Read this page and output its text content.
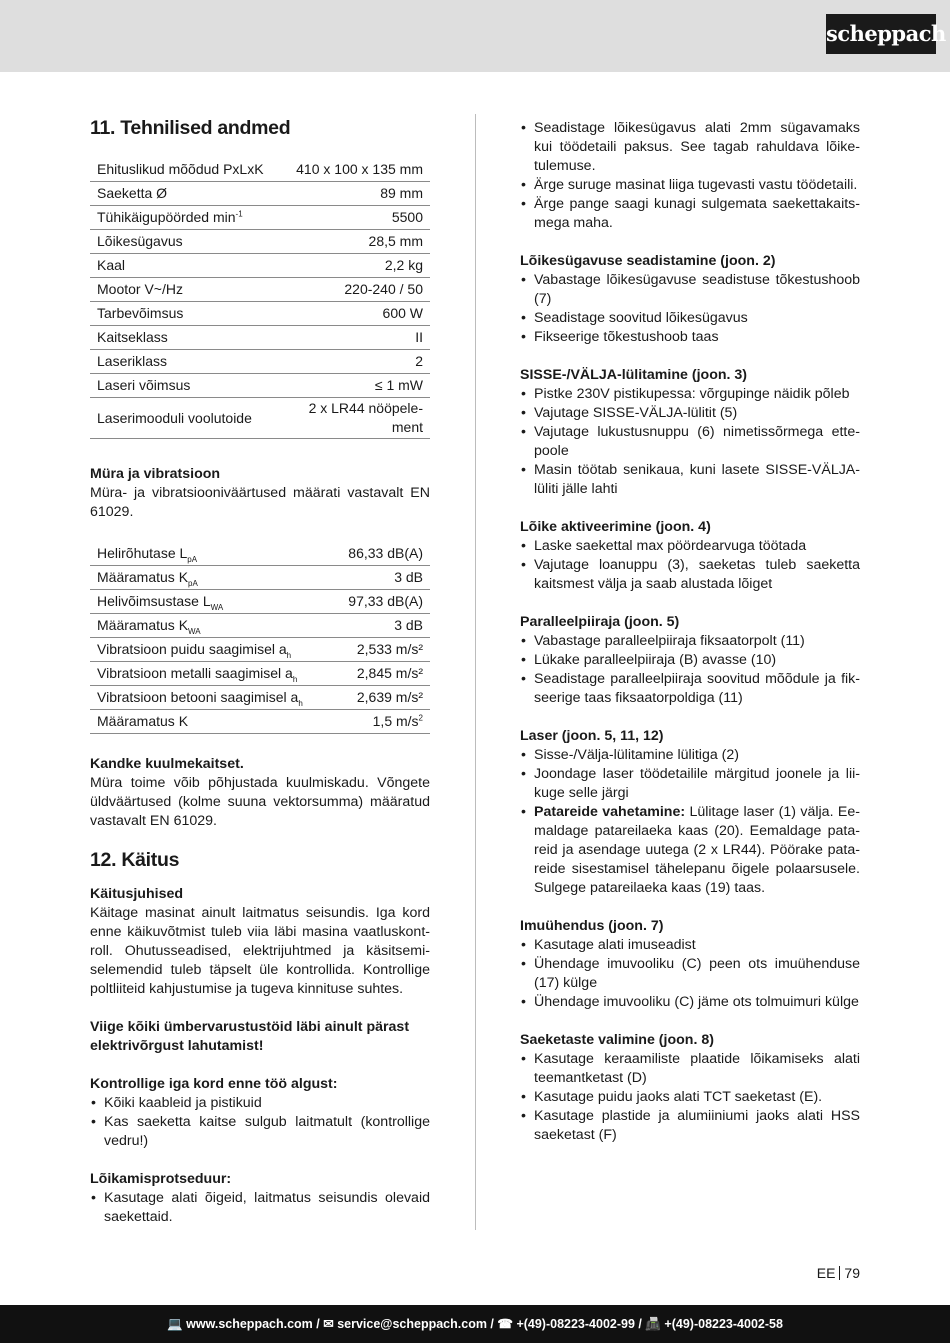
scheppach
11. Tehnilised andmed
Ehituslikud mõõdud PxLxK	410 x 100 x 135 mm
Saeketta Ø	89 mm
Tühikäigupöörded $\min^{-1}$	5500
Lõikesügavus	28,5 mm
Kaal	2,2 kg
Mootor V~/Hz	220-240 / 50
Tarbevõimsus	600 W
Kaitseklass	II
Laseriklass	2
Laseri võimsus	≤ 1 mW
Laserimooduli voolutoide	2 x LR44 nööpele-
ment
Müra ja vibratsioon

Müra- ja vibratsiooniväärtused määrati vastavalt EN 61029.

Helirõhutase $L_{pA}$	86,33 dB(A)
Määramatus $K_{pA}$	3 dB
Helivõimsustase $L_{WA}$	97,33 dB(A)
Määramatus $K_{WA}$	3 dB
Vibratsioon puidu saagimisel $a_h$	2,533 m/s²
Vibratsioon metalli saagimisel $a_h$	2,845 m/s²
Vibratsioon betooni saagimisel $a_h$	2,639 m/s²
Määramatus K	1,5 $m/s^2$
Kandke kuulmekaitset.

Müra toime võib põhjustada kuulmiskadu. Võngete üldväärtused (kolme suuna vektorsumma) määratud vastavalt EN 61029.

12. Käitus
Käitusjuhised

Käitage masinat ainult laitmatus seisundis. Iga kord enne käikuvõtmist tuleb viia läbi masina vaatluskontroll. Ohutusseadised, elektrijuhtmed ja käsitsemiselemendid tuleb täpselt üle kontrollida. Kontrollige poltliiteid kahjustumise ja tugeva kinnituse suhtes.

Viige kõiki ümbervarustustöid läbi ainult pärast elektrivõrgust lahutamist!

Kontrollige iga kord enne töö algust:
• Kõiki kaableid ja pistikuid
• Kas saeketta kaitse sulgub laitmatult (kontrollige vedru!)
Lõikamisprotseduur:
• Kasutage alati õigeid, laitmatus seisundis olevaid saekettaid.
• Seadistage lõikesügavus alati 2mm sügavamaks kui töödetaili paksus. See tagab rahuldava lõiketulemuse.
• Ärge suruge masinat liiga tugevasti vastu töödetaili.
• Ärge pange saagi kunagi sulgemata saekettakaitsmega maha.
Lõikesügavuse seadistamine (joon. 2)
• Vabastage lõikesügavuse seadistuse tõkestushoob (7)
• Seadistage soovitud lõikesügavus
• Fikseerige tõkestushoob taas
SISSE-/VÄLJA-lülitamine (joon. 3)
• Pistke 230V pistikupessa: võrgupinge näidik põleb
• Vajutage SISSE-VÄLJA-lülitit (5)
• Vajutage lukustusnuppu (6) nimetissõrmega ettepoole
• Masin töötab senikaua, kuni lasete SISSE-VÄLJA-lüliti jälle lahti
Lõike aktiveerimine (joon. 4)
• Laske saekettal max pöördearvuga töötada
• Vajutage loanuppu (3), saeketas tuleb saeketta kaitsmest välja ja saab alustada lõiget
Paralleelpiiraja (joon. 5)
• Vabastage paralleelpiiraja fiksaatorpolt (11)
• Lükake paralleelpiiraja (B) avasse (10)
• Seadistage paralleelpiiraja soovitud mõõdule ja fikseerige taas fiksaatorpoldiga (11)
Laser (joon. 5, 11, 12)
• Sisse-/Välja-lülitamine lülitiga (2)
• Joondage laser töödetailile märgitud joonele ja liikuge selle järgi
• Patareide vahetamine: Lülitage laser (1) välja. Eemaldage patareilaeka kaas (20). Eemaldage patareid ja asendage uutega (2 x LR44). Pöörake patareide sisestamisel tähelepanu õigele polaarsusele. Sulgege patareilaeka kaas (19) taas.
Imuühendus (joon. 7)
• Kasutage alati imuseadist
• Ühendage imuvooliku (C) peen ots imuühenduse (17) külge
• Ühendage imuvooliku (C) jäme ots tolmuimuri külge
Saeketaste valimine (joon. 8)
• Kasutage keraamiliste plaatide lõikamiseks alati teemantketast (D)
• Kasutage puidu jaoks alati TCT saeketast (E).
• Kasutage plastide ja alumiiniumi jaoks alati HSS saeketast (F)
EE 79
💻 www.scheppach.com / ✉ service@scheppach.com / ☎ +(49)-08223-4002-99 / 📠 +(49)-08223-4002-58
